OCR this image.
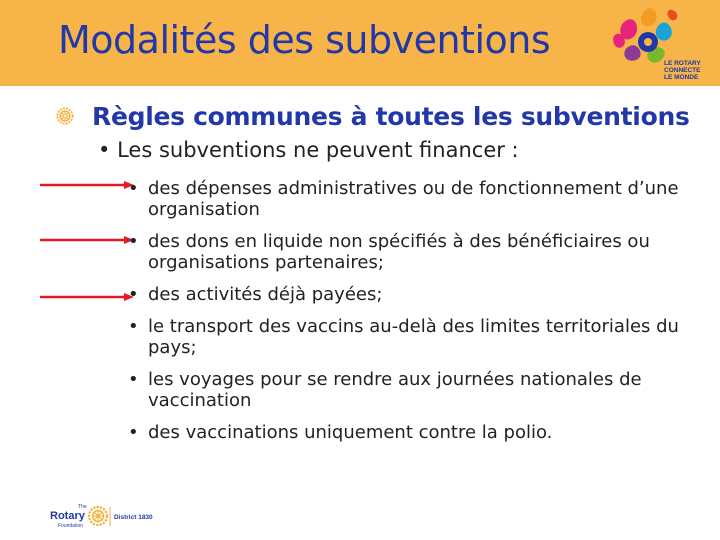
Modalités des subventions
LE ROTARY
CONNECTE
LE MONDE
Règles communes à toutes les subventions
• Les subventions ne peuvent financer :
• des dépenses administratives ou de fonctionnement d’une organisation
• des dons en liquide non spécifiés à des bénéficiaires ou organisations partenaires;
• des activités déjà payées;
• le transport des vaccins au-delà des limites territoriales du pays;
• les voyages pour se rendre aux journées nationales de vaccination
• des vaccinations uniquement contre la polio.
The
Rotary
Foundation
District 1830
